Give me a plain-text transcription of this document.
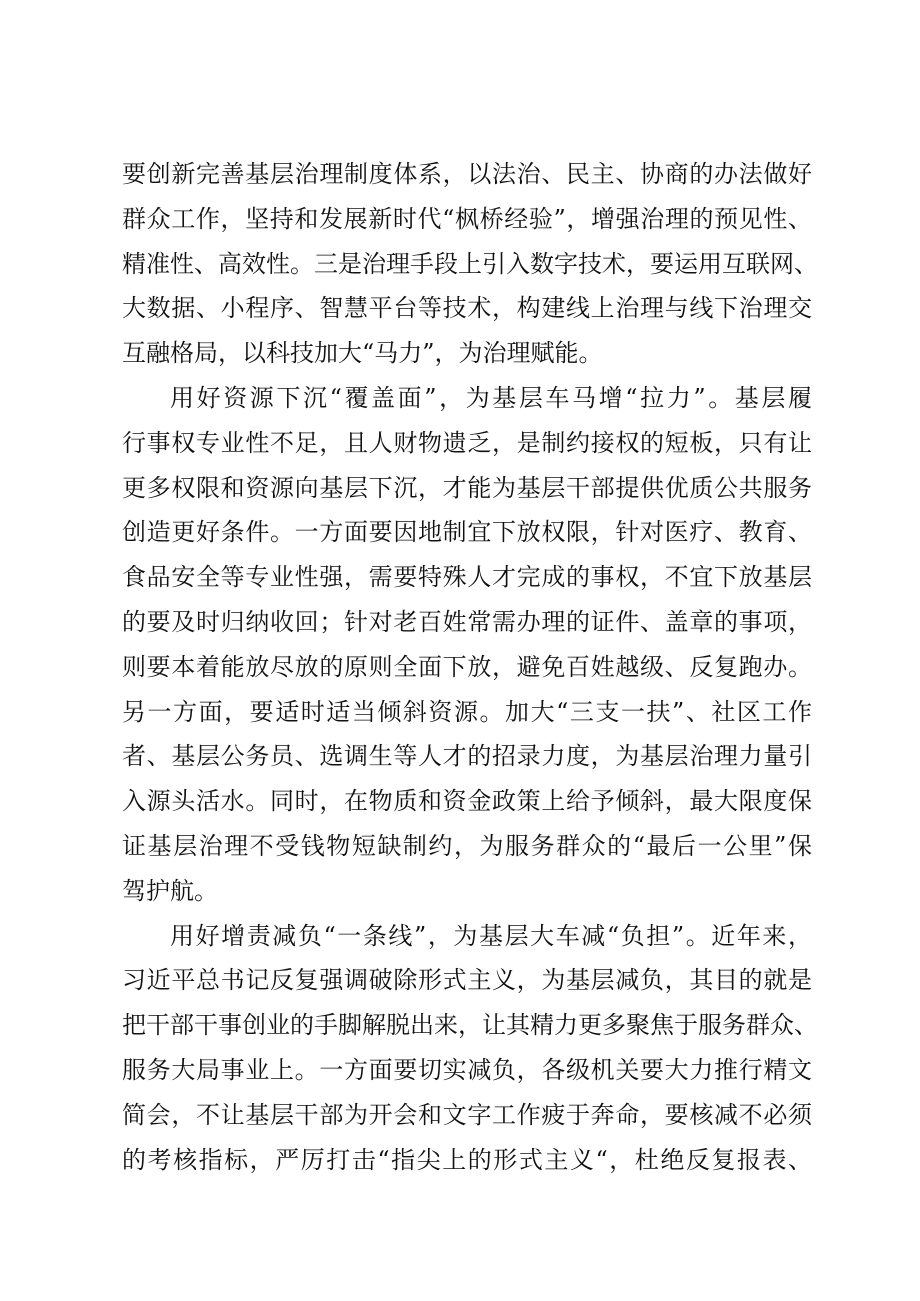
要创新完善基层治理制度体系，以法治、民主、协商的办法做好
群众工作，坚持和发展新时代“枫桥经验”，增强治理的预见性、
精准性、高效性。三是治理手段上引入数字技术，要运用互联网、
大数据、小程序、智慧平台等技术，构建线上治理与线下治理交
互融格局，以科技加大“马力”，为治理赋能。
用好资源下沉“覆盖面”，为基层车马增“拉力”。基层履
行事权专业性不足，且人财物遗乏，是制约接权的短板，只有让
更多权限和资源向基层下沉，才能为基层干部提供优质公共服务
创造更好条件。一方面要因地制宜下放权限，针对医疗、教育、
食品安全等专业性强，需要特殊人才完成的事权，不宜下放基层
的要及时归纳收回；针对老百姓常需办理的证件、盖章的事项，
则要本着能放尽放的原则全面下放，避免百姓越级、反复跑办。
另一方面，要适时适当倾斜资源。加大“三支一扶”、社区工作
者、基层公务员、选调生等人才的招录力度，为基层治理力量引
入源头活水。同时，在物质和资金政策上给予倾斜，最大限度保
证基层治理不受钱物短缺制约，为服务群众的“最后一公里”保
驾护航。
用好增责减负“一条线”，为基层大车减“负担”。近年来，
习近平总书记反复强调破除形式主义，为基层减负，其目的就是
把干部干事创业的手脚解脱出来，让其精力更多聚焦于服务群众、
服务大局事业上。一方面要切实减负，各级机关要大力推行精文
简会，不让基层干部为开会和文字工作疲于奔命，要核减不必须
的考核指标，严厉打击“指尖上的形式主义“，杜绝反复报表、
